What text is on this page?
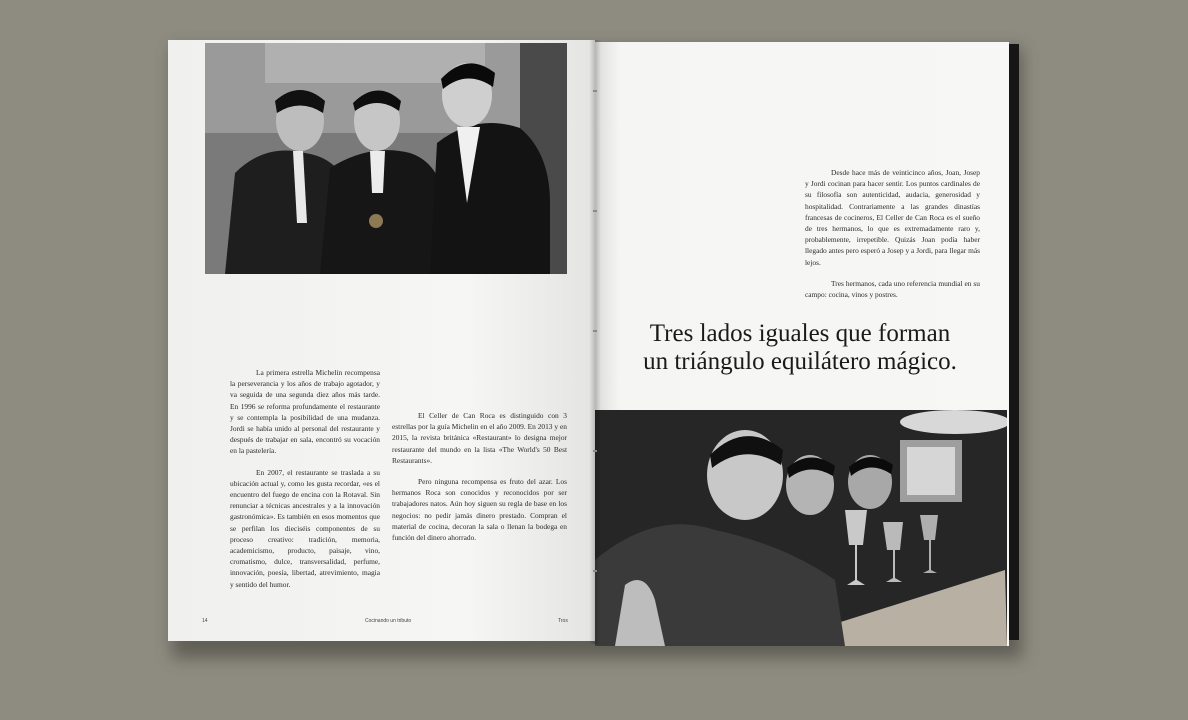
La primera estrella Michelin recompensa la perseverancia y los años de trabajo agotador, y va seguida de una segunda diez años más tarde. En 1996 se reforma profundamente el restaurante y se contempla la posibilidad de una mudanza. Jordi se había unido al personal del restaurante y después de trabajar en sala, encontró su vocación en la pastelería.

En 2007, el restaurante se traslada a su ubicación actual y, como les gusta recordar, «es el encuentro del fuego de encina con la Rotaval. Sin renunciar a técnicas ancestrales y a la innovación gastronómica». Es también en esos momentos que se perfilan los dieciséis componentes de su proceso creativo: tradición, memoria, academicismo, producto, paisaje, vino, cromatismo, dulce, transversalidad, perfume, innovación, poesía, libertad, atrevimiento, magia y sentido del humor.

El Celler de Can Roca es distinguido con 3 estrellas por la guía Michelin en el año 2009. En 2013 y en 2015, la revista británica «Restaurant» lo designa mejor restaurante del mundo en la lista «The World's 50 Best Restaurants».

Pero ninguna recompensa es fruto del azar. Los hermanos Roca son conocidos y reconocidos por ser trabajadores natos. Aún hoy siguen su regla de base en los negocios: no pedir jamás dinero prestado. Compran el material de cocina, decoran la sala o llenan la bodega en función del dinero ahorrado.

14	Cocinando un tributo	Tros

Desde hace más de veinticinco años, Joan, Josep y Jordi cocinan para hacer sentir. Los puntos cardinales de su filosofía son autenticidad, audacia, generosidad y hospitalidad. Contrariamente a las grandes dinastías francesas de cocineros, El Celler de Can Roca es el sueño de tres hermanos, lo que es extremadamente raro y, probablemente, irrepetible. Quizás Joan podía haber llegado antes pero esperó a Josep y a Jordi, para llegar más lejos.

Tres hermanos, cada uno referencia mundial en su campo: cocina, vinos y postres.

Tres lados iguales que forman un triángulo equilátero mágico.
